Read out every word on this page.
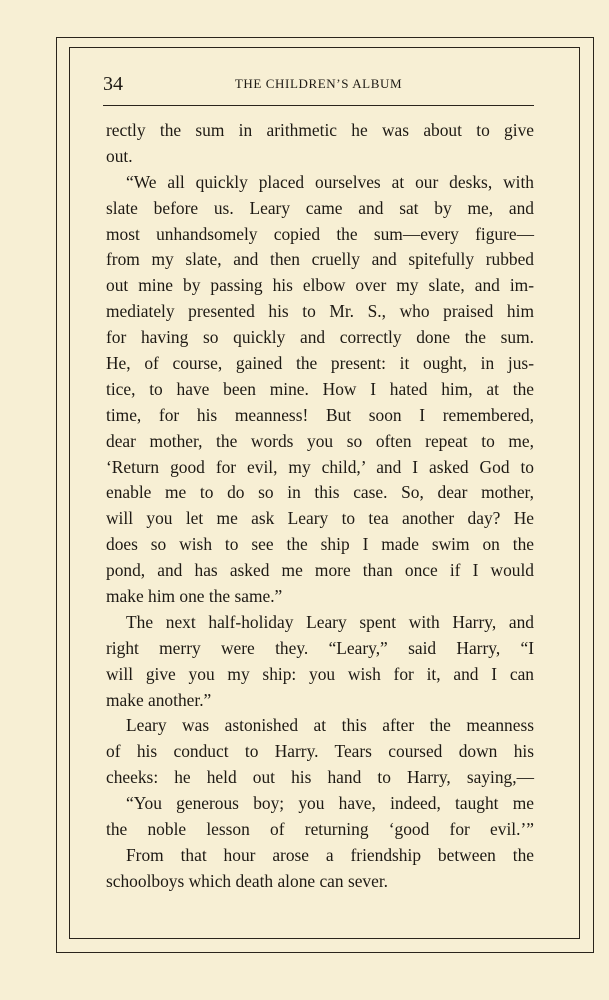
34	THE CHILDREN’S ALBUM
rectly the sum in arithmetic he was about to give
out.
“We all quickly placed ourselves at our desks, with
slate before us. Leary came and sat by me, and
most unhandsomely copied the sum—every figure—
from my slate, and then cruelly and spitefully rubbed
out mine by passing his elbow over my slate, and im-
mediately presented his to Mr. S., who praised him
for having so quickly and correctly done the sum.
He, of course, gained the present: it ought, in jus-
tice, to have been mine. How I hated him, at the
time, for his meanness! But soon I remembered,
dear mother, the words you so often repeat to me,
‘Return good for evil, my child,’ and I asked God to
enable me to do so in this case. So, dear mother,
will you let me ask Leary to tea another day? He
does so wish to see the ship I made swim on the
pond, and has asked me more than once if I would
make him one the same.”
The next half-holiday Leary spent with Harry, and
right merry were they. “Leary,” said Harry, “I
will give you my ship: you wish for it, and I can
make another.”
Leary was astonished at this after the meanness
of his conduct to Harry. Tears coursed down his
cheeks: he held out his hand to Harry, saying,—
“You generous boy; you have, indeed, taught me
the noble lesson of returning ‘good for evil.’”
From that hour arose a friendship between the
schoolboys which death alone can sever.
